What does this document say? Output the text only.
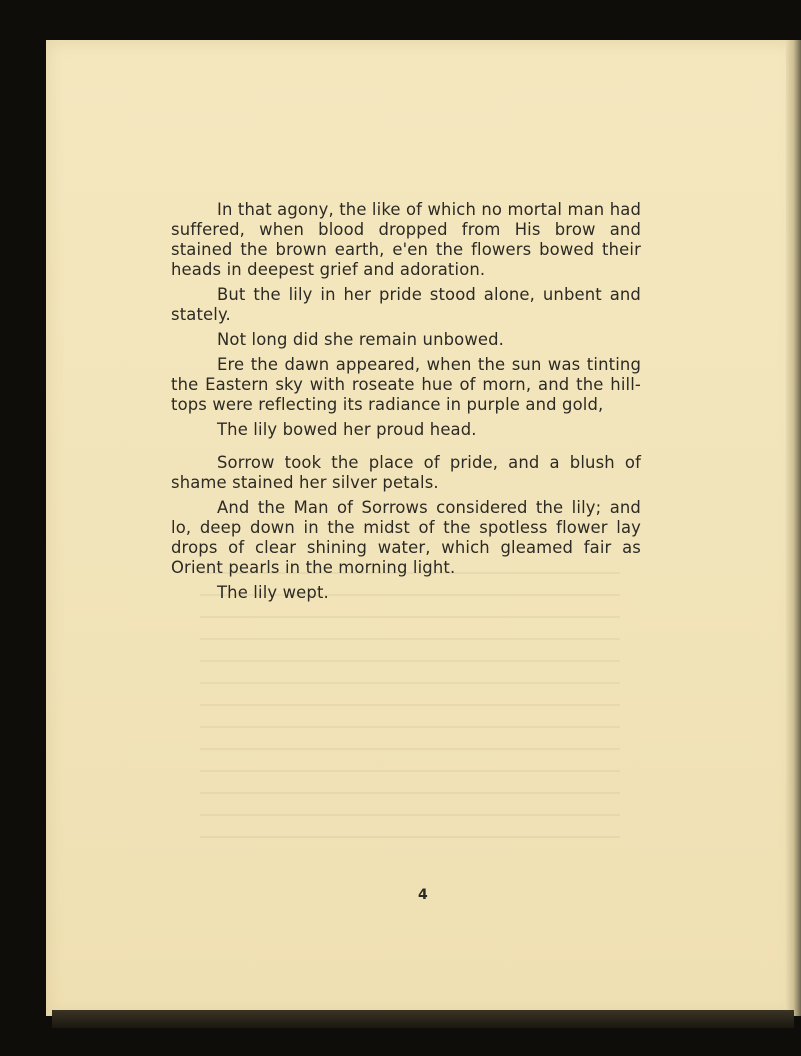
In that agony, the like of which no mortal man had suffered, when blood dropped from His brow and stained the brown earth, e'en the flowers bowed their heads in deepest grief and adoration.

But the lily in her pride stood alone, unbent and stately.

Not long did she remain unbowed.

Ere the dawn appeared, when the sun was tinting the Eastern sky with roseate hue of morn, and the hill-tops were reflecting its radiance in purple and gold,

The lily bowed her proud head.

Sorrow took the place of pride, and a blush of shame stained her silver petals.

And the Man of Sorrows considered the lily; and lo, deep down in the midst of the spotless flower lay drops of clear shining water, which gleamed fair as Orient pearls in the morning light.

The lily wept.

4
